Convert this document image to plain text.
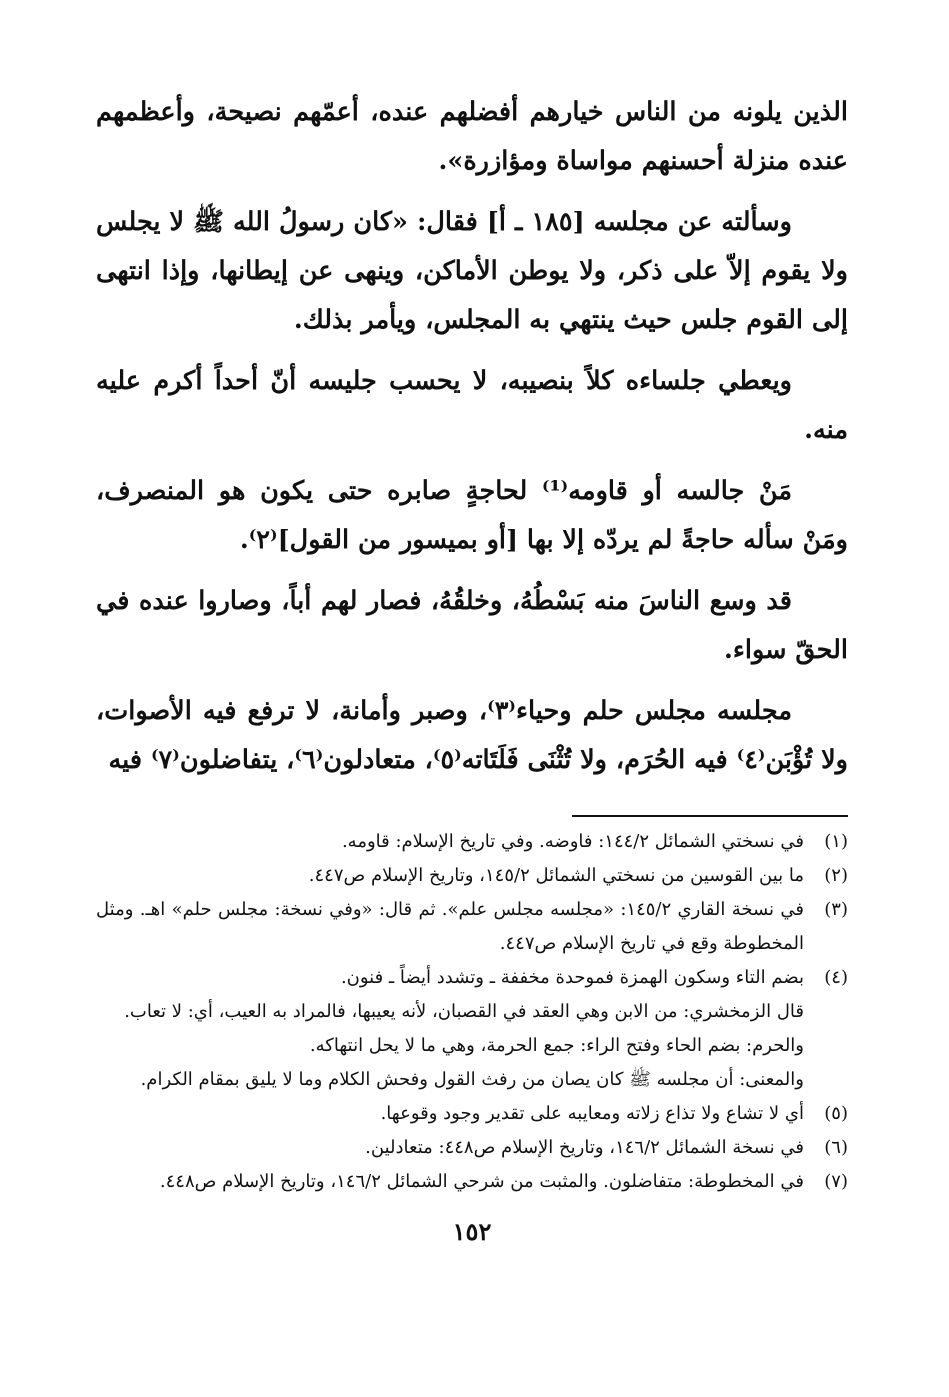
الذين يلونه من الناس خيارهم أفضلهم عنده، أعمّهم نصيحة، وأعظمهم عنده منزلة أحسنهم مواساة ومؤازرة».

وسألته عن مجلسه [١٨٥ ـ أ] فقال: «كان رسولُ الله ﷺ لا يجلس ولا يقوم إلاّ على ذكر، ولا يوطن الأماكن، وينهى عن إيطانها، وإذا انتهى إلى القوم جلس حيث ينتهي به المجلس، ويأمر بذلك.

ويعطي جلساءه كلاً بنصيبه، لا يحسب جليسه أنّ أحداً أكرم عليه منه.

مَنْ جالسه أو قاومه⁽¹⁾ لحاجةٍ صابره حتى يكون هو المنصرف، ومَنْ سأله حاجةً لم يردّه إلا بها [أو بميسور من القول]⁽٢⁾.

قد وسع الناسَ منه بَسْطُهُ، وخلقُهُ، فصار لهم أباً، وصاروا عنده في الحقّ سواء.

مجلسه مجلس حلم وحياء⁽٣⁾، وصبر وأمانة، لا ترفع فيه الأصوات، ولا تُؤْبَن⁽٤⁾ فيه الحُرَم، ولا تُثْنَى فَلَتَاته⁽٥⁾، متعادلون⁽٦⁾، يتفاضلون⁽٧⁾ فيه

(١)
في نسختي الشمائل ١٤٤/٢: فاوضه. وفي تاريخ الإسلام: قاومه.
(٢)
ما بين القوسين من نسختي الشمائل ١٤٥/٢، وتاريخ الإسلام ص٤٤٧.
(٣)
في نسخة القاري ١٤٥/٢: «مجلسه مجلس علم». ثم قال: «وفي نسخة: مجلس حلم» اهـ. ومثل المخطوطة وقع في تاريخ الإسلام ص٤٤٧.
(٤)
بضم التاء وسكون الهمزة فموحدة مخففة ـ وتشدد أيضاً ـ فنون.
قال الزمخشري: من الابن وهي العقد في القصبان، لأنه يعيبها، فالمراد به العيب، أي: لا تعاب.
والحرم: بضم الحاء وفتح الراء: جمع الحرمة، وهي ما لا يحل انتهاكه.
والمعنى: أن مجلسه ﷺ كان يصان من رفث القول وفحش الكلام وما لا يليق بمقام الكرام.
(٥)
أي لا تشاع ولا تذاع زلاته ومعايبه على تقدير وجود وقوعها.
(٦)
في نسخة الشمائل ١٤٦/٢، وتاريخ الإسلام ص٤٤٨: متعادلين.
(٧)
في المخطوطة: متفاضلون. والمثبت من شرحي الشمائل ١٤٦/٢، وتاريخ الإسلام ص٤٤٨.
١٥٢
